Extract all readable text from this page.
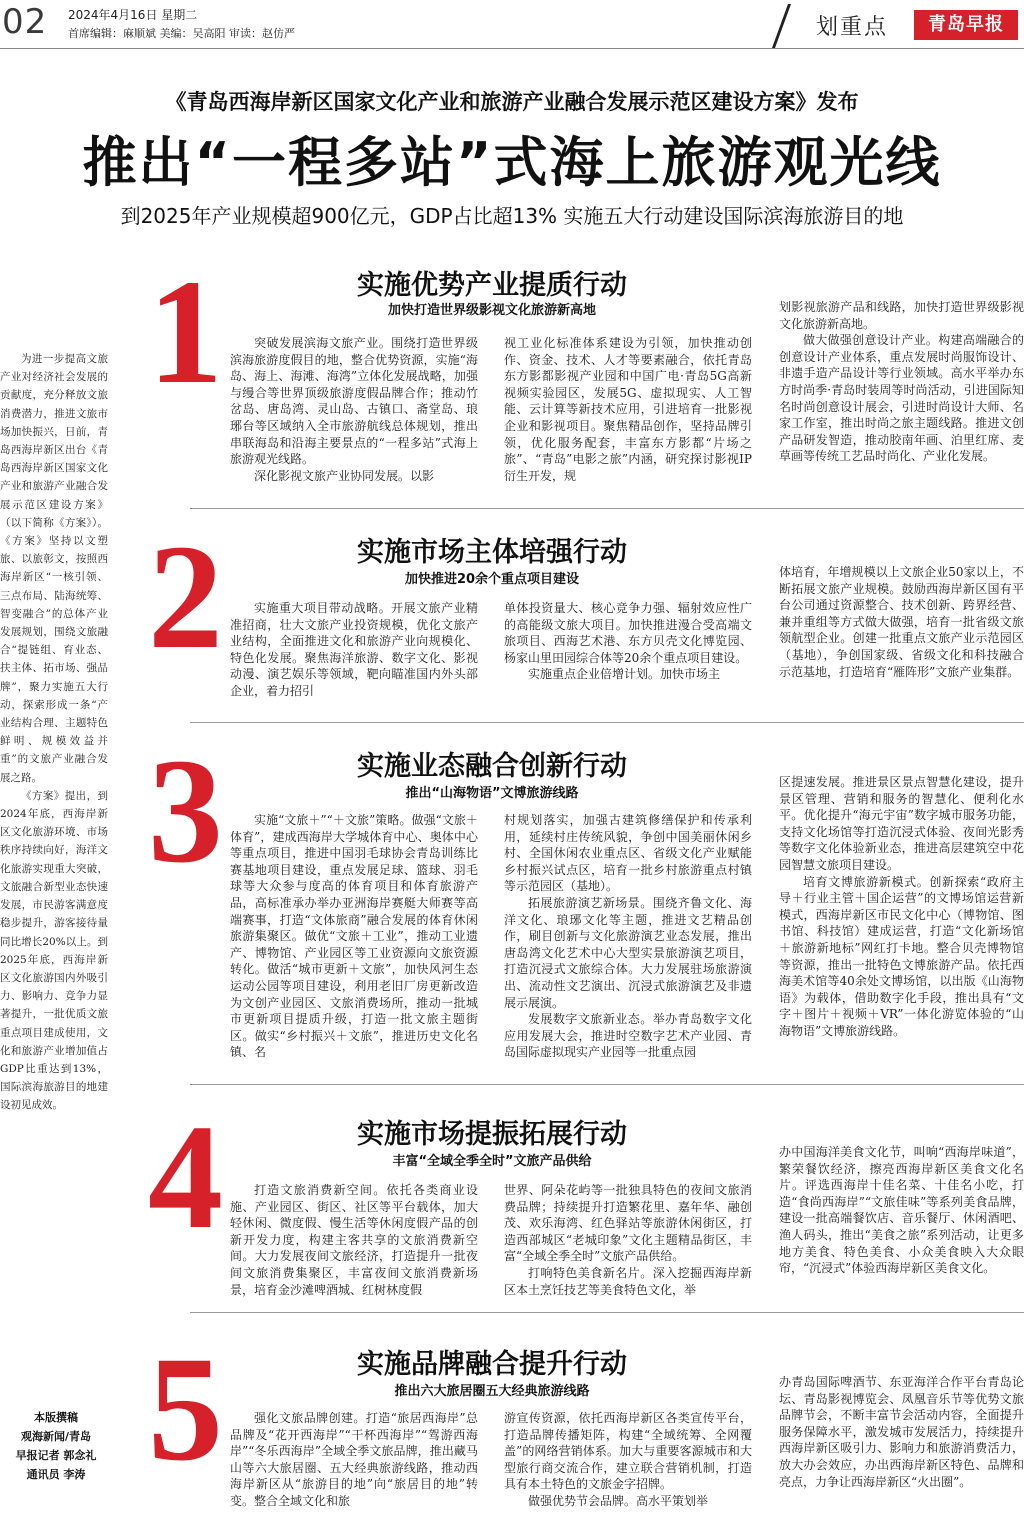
02 2024年4月16日 星期二
首席编辑：麻顺斌 美编：吴高阳 审读：赵仿严	划重点	青岛早报
《青岛西海岸新区国家文化产业和旅游产业融合发展示范区建设方案》发布
推出“一程多站”式海上旅游观光线
到2025年产业规模超900亿元，GDP占比超13% 实施五大行动建设国际滨海旅游目的地

为进一步提高文旅产业对经济社会发展的贡献度，充分释放文旅消费潜力，推进文旅市场加快振兴，日前，青岛西海岸新区出台《青岛西海岸新区国家文化产业和旅游产业融合发展示范区建设方案》（以下简称《方案》）。《方案》坚持以文塑旅、以旅彰文，按照西海岸新区“一核引领、三点布局、陆海统筹、智变融合”的总体产业发展规划，围绕文旅融合“提链组、育业态、扶主体、拓市场、强品牌”，聚力实施五大行动，探索形成一条“产业结构合理、主题特色鲜明、规模效益并重”的文旅产业融合发展之路。

《方案》提出，到2024年底，西海岸新区文化旅游环境、市场秩序持续向好，海洋文化旅游实现重大突破，文旅融合新型业态快速发展，市民游客满意度稳步提升，游客接待量同比增长20%以上。到2025年底，西海岸新区文化旅游国内外吸引力、影响力、竞争力显著提升，一批优质文旅重点项目建成使用，文化和旅游产业增加值占GDP比重达到13%，国际滨海旅游目的地建设初见成效。

本版撰稿
观海新闻/青岛
早报记者 郭念礼
通讯员 李涛
1	实施优势产业提质行动
加快打造世界级影视文化旅游新高地

突破发展滨海文旅产业。围绕打造世界级滨海旅游度假目的地，整合优势资源，实施“海岛、海上、海滩、海湾”立体化发展战略，加强与缦合等世界顶级旅游度假品牌合作；推动竹岔岛、唐岛湾、灵山岛、古镇口、斋堂岛、琅琊台等区域纳入全市旅游航线总体规划，推出串联海岛和沿海主要景点的“一程多站”式海上旅游观光线路。

深化影视文旅产业协同发展。以影

视工业化标准体系建设为引领，加快推动创作、资金、技术、人才等要素融合，依托青岛东方影都影视产业园和中国广电·青岛5G高新视频实验园区，发展5G、虚拟现实、人工智能、云计算等新技术应用，引进培育一批影视企业和影视项目。聚焦精品创作，坚持品牌引领，优化服务配套，丰富东方影都“片场之旅”、“青岛”电影之旅”内涵，研究探讨影视IP衍生开发，规

划影视旅游产品和线路，加快打造世界级影视文化旅游新高地。

做大做强创意设计产业。构建高端融合的创意设计产业体系，重点发展时尚服饰设计、非遗手造产品设计等行业领域。高水平举办东方时尚季·青岛时装周等时尚活动，引进国际知名时尚创意设计展会，引进时尚设计大师、名家工作室，推出时尚之旅主题线路。推进文创产品研发智造，推动胶南年画、泊里红席、麦草画等传统工艺品时尚化、产业化发展。

2	实施市场主体培强行动
加快推进20余个重点项目建设

实施重大项目带动战略。开展文旅产业精准招商，壮大文旅产业投资规模，优化文旅产业结构，全面推进文化和旅游产业向规模化、特色化发展。聚焦海洋旅游、数字文化、影视动漫、演艺娱乐等领域，靶向瞄准国内外头部企业，着力招引

单体投资量大、核心竞争力强、辐射效应性广的高能级文旅大项目。加快推进漫合受高端文旅项目、西海艺术港、东方贝壳文化博览园、杨家山里田园综合体等20余个重点项目建设。

实施重点企业倍增计划。加快市场主

体培育，年增规模以上文旅企业50家以上，不断拓展文旅产业规模。鼓励西海岸新区国有平台公司通过资源整合、技术创新、跨界经营、兼并重组等方式做大做强，培育一批省级文旅领航型企业。创建一批重点文旅产业示范园区（基地），争创国家级、省级文化和科技融合示范基地，打造培育“雁阵形”文旅产业集群。

3	实施业态融合创新行动
推出“山海物语”文博旅游线路

实施“文旅＋”“＋文旅”策略。做强“文旅＋体育”，建成西海岸大学城体育中心、奥体中心等重点项目，推进中国羽毛球协会青岛训练比赛基地项目建设，重点发展足球、篮球、羽毛球等大众参与度高的体育项目和体育旅游产品，高标准承办举办亚洲海岸赛艇大师赛等高端赛事，打造“文体旅商”融合发展的体育休闲旅游集聚区。做优“文旅＋工业”，推动工业遗产、博物馆、产业园区等工业资源向文旅资源转化。做活“城市更新＋文旅”，加快风河生态运动公园等项目建设，利用老旧厂房更新改造为文创产业园区、文旅消费场所，推动一批城市更新项目提质升级，打造一批文旅主题街区。做实“乡村振兴＋文旅”，推进历史文化名镇、名

村规划落实，加强古建筑修缮保护和传承利用，延续村庄传统风貌，争创中国美丽休闲乡村、全国休闲农业重点区、省级文化产业赋能乡村振兴试点区，培育一批乡村旅游重点村镇等示范园区（基地）。

拓展旅游演艺新场景。围绕齐鲁文化、海洋文化、琅琊文化等主题，推进文艺精品创作，刷目创新与文化旅游演艺业态发展，推出唐岛湾文化艺术中心大型实景旅游演艺项目，打造沉浸式文旅综合体。大力发展驻场旅游演出、流动性文艺演出、沉浸式旅游演艺及非遗展示展演。

发展数字文旅新业态。举办青岛数字文化应用发展大会，推进时空数字艺术产业园、青岛国际虚拟现实产业园等一批重点园

区提速发展。推进景区景点智慧化建设，提升景区管理、营销和服务的智慧化、便利化水平。优化提升“海元宇宙”数字城市服务功能，支持文化场馆等打造沉浸式体验、夜间光影秀等数字文化体验新业态，推进高层建筑空中花园智慧文旅项目建设。

培育文博旅游新模式。创新探索“政府主导＋行业主管＋国企运营”的文博场馆运营新模式，西海岸新区市民文化中心（博物馆、图书馆、科技馆）建成运营，打造“文化新场馆＋旅游新地标”网红打卡地。整合贝壳博物馆等资源，推出一批特色文博旅游产品。依托西海美术馆等40余处文博场馆，以出版《山海物语》为载体，借助数字化手段，推出具有“文字＋图片＋视频＋VR”一体化游览体验的“山海物语”文博旅游线路。

4	实施市场提振拓展行动
丰富“全域全季全时”文旅产品供给

打造文旅消费新空间。依托各类商业设施、产业园区、街区、社区等平台载体，加大轻休闲、微度假、慢生活等休闲度假产品的创新开发力度，构建主客共享的文旅消费新空间。大力发展夜间文旅经济，打造提升一批夜间文旅消费集聚区，丰富夜间文旅消费新场景，培育金沙滩啤酒城、红树林度假

世界、阿朵花屿等一批独具特色的夜间文旅消费品牌；持续提升打造繁花里、嘉年华、融创茂、欢乐海湾、红色驿站等旅游休闲街区，打造西部城区“老城印象”文化主题精品街区，丰富“全域全季全时”文旅产品供给。

打响特色美食新名片。深入挖掘西海岸新区本土烹饪技艺等美食特色文化，举

办中国海洋美食文化节，叫响“西海岸味道”，繁荣餐饮经济，擦亮西海岸新区美食文化名片。评选西海岸十佳名菜、十佳名小吃，打造“食尚西海岸”“文旅佳味”等系列美食品牌，建设一批高端餐饮店、音乐餐厅、休闲酒吧、渔人码头，推出“美食之旅”系列活动，让更多地方美食、特色美食、小众美食映入大众眼帘，“沉浸式”体验西海岸新区美食文化。

5	实施品牌融合提升行动
推出六大旅居圈五大经典旅游线路

强化文旅品牌创建。打造“旅居西海岸”总品牌及“花开西海岸”“干杯西海岸”“驾游西海岸”“冬乐西海岸”全域全季文旅品牌，推出藏马山等六大旅居圈、五大经典旅游线路，推动西海岸新区从“旅游目的地”向“旅居目的地”转变。整合全域文化和旅

游宣传资源，依托西海岸新区各类宣传平台，打造品牌传播矩阵，构建“全域统筹、全网覆盖”的网络营销体系。加大与重要客源城市和大型旅行商交流合作，建立联合营销机制，打造具有本土特色的文旅金字招牌。

做强优势节会品牌。高水平策划举

办青岛国际啤酒节、东亚海洋合作平台青岛论坛、青岛影视博览会、凤凰音乐节等优势文旅品牌节会，不断丰富节会活动内容，全面提升服务保障水平，激发城市发展活力，持续提升西海岸新区吸引力、影响力和旅游消费活力，放大办会效应，办出西海岸新区特色、品牌和亮点，力争让西海岸新区“火出圈”。
